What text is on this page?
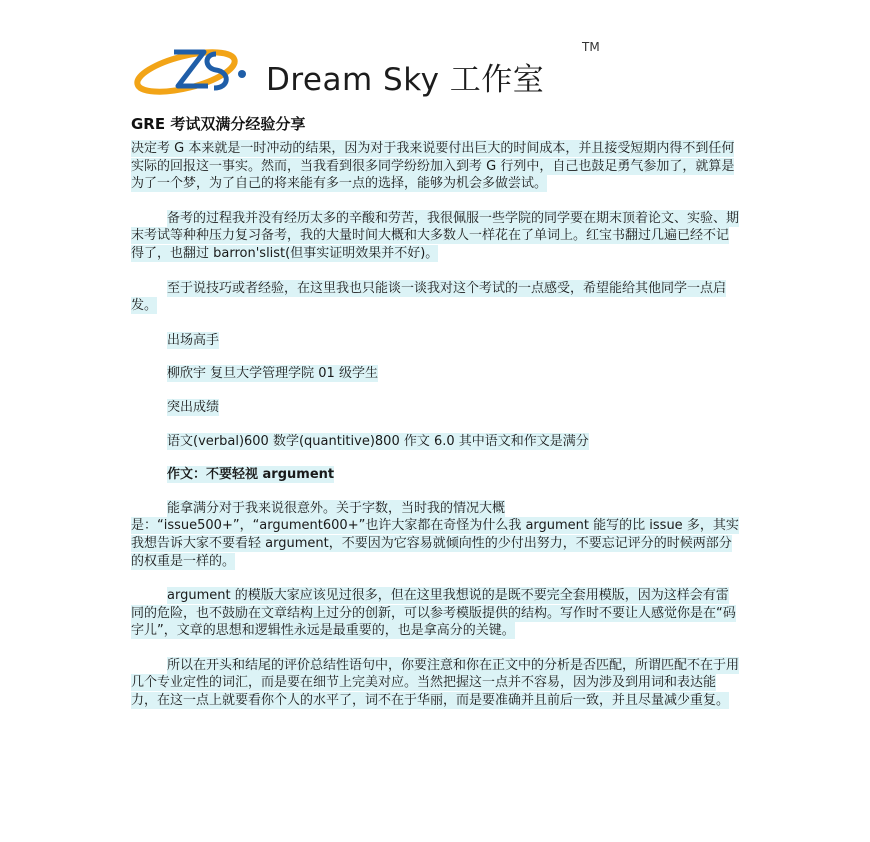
Dream Sky 工作室
TM
GRE 考试双满分经验分享
决定考 G 本来就是一时冲动的结果，因为对于我来说要付出巨大的时间成本，并且接受短期内得不到任何实际的回报这一事实。然而，当我看到很多同学纷纷加入到考 G 行列中，自己也鼓足勇气参加了，就算是为了一个梦，为了自己的将来能有多一点的选择，能够为机会多做尝试。
备考的过程我并没有经历太多的辛酸和劳苦，我很佩服一些学院的同学要在期末顶着论文、实验、期末考试等种种压力复习备考，我的大量时间大概和大多数人一样花在了单词上。红宝书翻过几遍已经不记得了，也翻过 barron'slist(但事实证明效果并不好)。
至于说技巧或者经验，在这里我也只能谈一谈我对这个考试的一点感受，希望能给其他同学一点启发。
出场高手
柳欣宇 复旦大学管理学院 01 级学生
突出成绩
语文(verbal)600 数学(quantitive)800 作文 6.0 其中语文和作文是满分
作文：不要轻视 argument
能拿满分对于我来说很意外。关于字数，当时我的情况大概是：“issue500+”，“argument600+”也许大家都在奇怪为什么我 argument 能写的比 issue 多，其实我想告诉大家不要看轻 argument，不要因为它容易就倾向性的少付出努力，不要忘记评分的时候两部分的权重是一样的。
argument 的模版大家应该见过很多，但在这里我想说的是既不要完全套用模版，因为这样会有雷同的危险，也不鼓励在文章结构上过分的创新，可以参考模版提供的结构。写作时不要让人感觉你是在“码字儿”，文章的思想和逻辑性永远是最重要的，也是拿高分的关键。
所以在开头和结尾的评价总结性语句中，你要注意和你在正文中的分析是否匹配，所谓匹配不在于用几个专业定性的词汇，而是要在细节上完美对应。当然把握这一点并不容易，因为涉及到用词和表达能力，在这一点上就要看你个人的水平了，词不在于华丽，而是要准确并且前后一致，并且尽量减少重复。
